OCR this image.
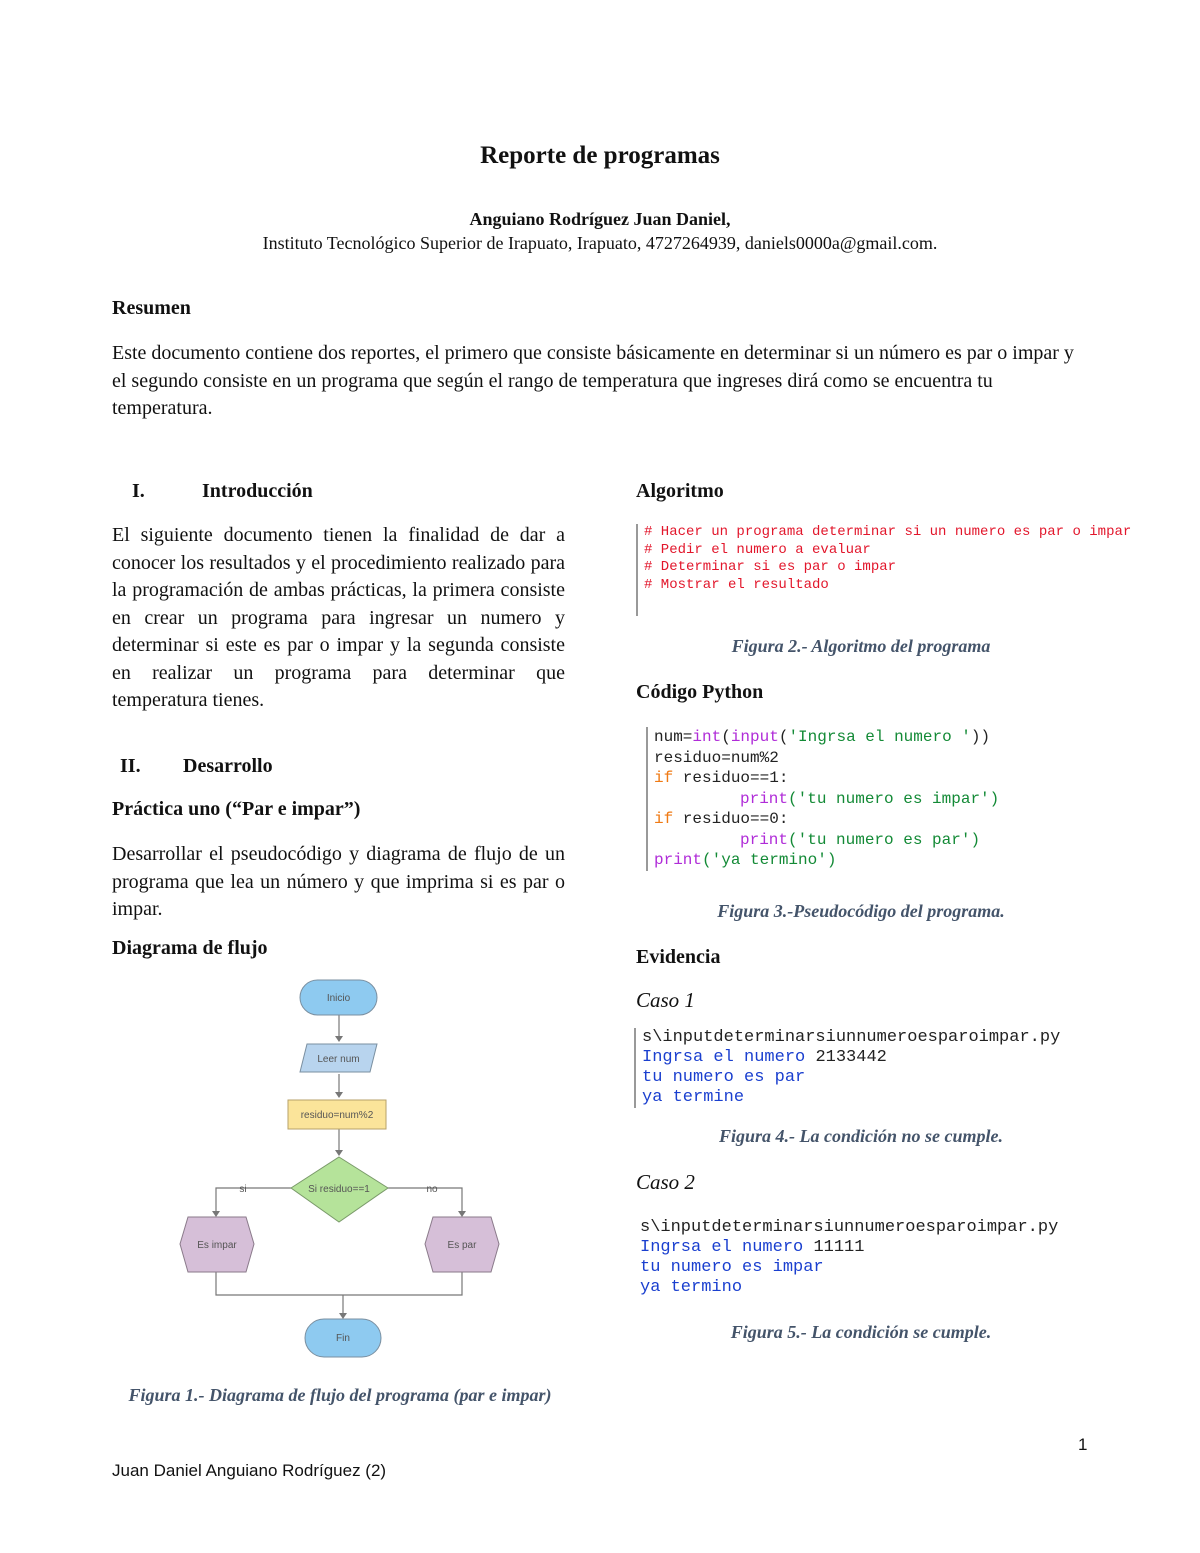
Reporte de programas
Anguiano Rodríguez Juan Daniel,
Instituto Tecnológico Superior de Irapuato, Irapuato, 4727264939, daniels0000a@gmail.com.
Resumen
Este documento contiene dos reportes, el primero que consiste básicamente en determinar si un número es par o impar y el segundo consiste en un programa que según el rango de temperatura que ingreses dirá como se encuentra tu temperatura.
I.	Introducción
El siguiente documento tienen la finalidad de dar a conocer los resultados y el procedimiento realizado para la programación de ambas prácticas, la primera consiste en crear un programa para ingresar un numero y determinar si este es par o impar y la segunda consiste en realizar un programa para determinar que temperatura tienes.
II. Desarrollo
Práctica uno (“Par e impar”)
Desarrollar el pseudocódigo y diagrama de flujo de un programa que lea un número y que imprima si es par o impar.
Diagrama de flujo
Inicio
Leer num
residuo=num%2
Si residuo==1
si	no
Es impar	Es par
Fin
Figura 1.- Diagrama de flujo del programa (par e impar)
Algoritmo
# Hacer un programa determinar si un numero es par o impar
# Pedir el numero a evaluar
# Determinar si es par o impar
# Mostrar el resultado
Figura 2.- Algoritmo del programa
Código Python
num=int(input('Ingrsa el numero '))
residuo=num%2
if residuo==1:
print('tu numero es impar')
if residuo==0:
print('tu numero es par')
print('ya termino')
Figura 3.-Pseudocódigo del programa.
Evidencia
Caso 1
s\inputdeterminarsiunnumeroesparoimpar.py
Ingrsa el numero 2133442
tu numero es par
ya termine
Figura 4.- La condición no se cumple.
Caso 2
s\inputdeterminarsiunnumeroesparoimpar.py
Ingrsa el numero 11111
tu numero es impar
ya termino
Figura 5.- La condición se cumple.
1
Juan Daniel Anguiano Rodríguez (2)
